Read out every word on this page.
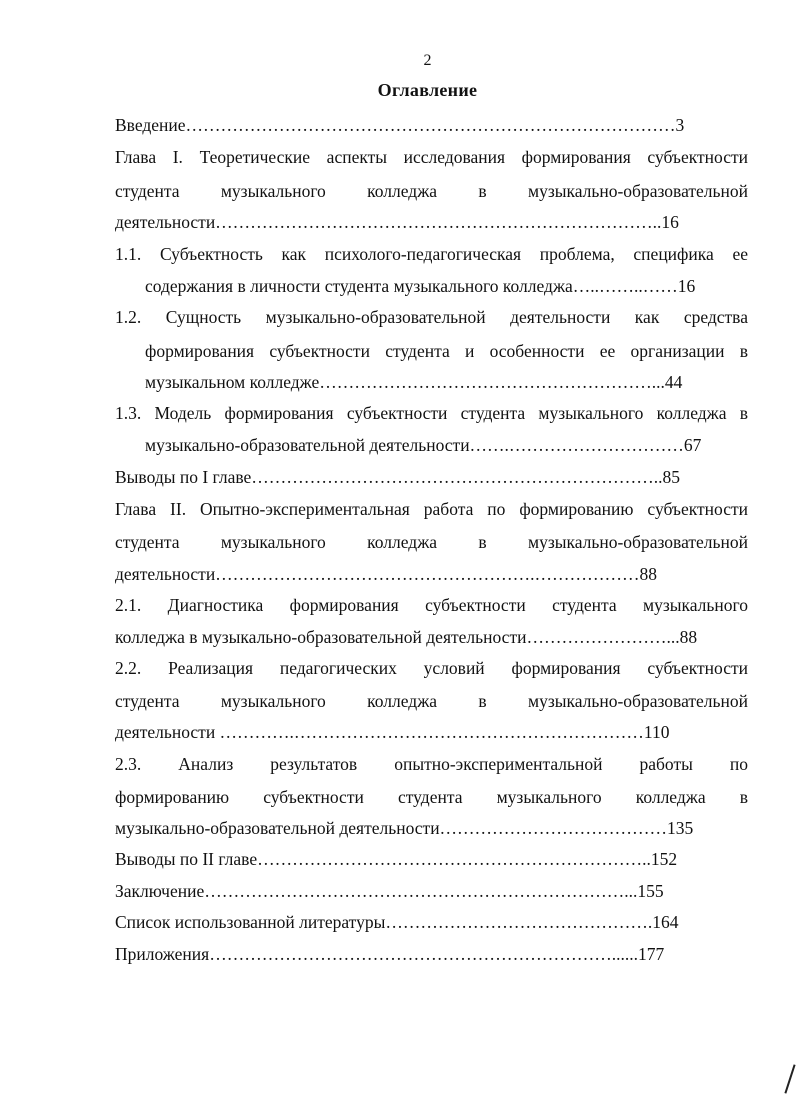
2
Оглавление
Введение…………………………………………………………………………3
Глава I. Теоретические аспекты исследования формирования субъектности
студента музыкального колледжа в музыкально-образовательной
деятельности…………………………………………………………………..16
1.1. Субъектность как психолого-педагогическая проблема, специфика ее
содержания в личности студента музыкального колледжа…..……..……16
1.2. Сущность музыкально-образовательной деятельности как средства
формирования субъектности студента и особенности ее организации в
музыкальном колледже…………………………………………………...44
1.3. Модель формирования субъектности студента музыкального колледжа в
музыкально-образовательной деятельности…….…………………………67
Выводы по I главе……………………………………………………………..85
Глава II. Опытно-экспериментальная работа по формированию субъектности
студента музыкального колледжа в музыкально-образовательной
деятельности……………………………………………….………………88
2.1. Диагностика формирования субъектности студента музыкального
колледжа в музыкально-образовательной деятельности……………………...88
2.2. Реализация педагогических условий формирования субъектности
студента музыкального колледжа в музыкально-образовательной
деятельности ………….……………………………………………………110
2.3. Анализ результатов опытно-экспериментальной работы по
формированию субъектности студента музыкального колледжа в
музыкально-образовательной деятельности…………………………………135
Выводы по II главе…………………………………………………………..152
Заключение………………………………………………………………...155
Список использованной литературы……………………………………….164
Приложения……………………………………………………………......177
